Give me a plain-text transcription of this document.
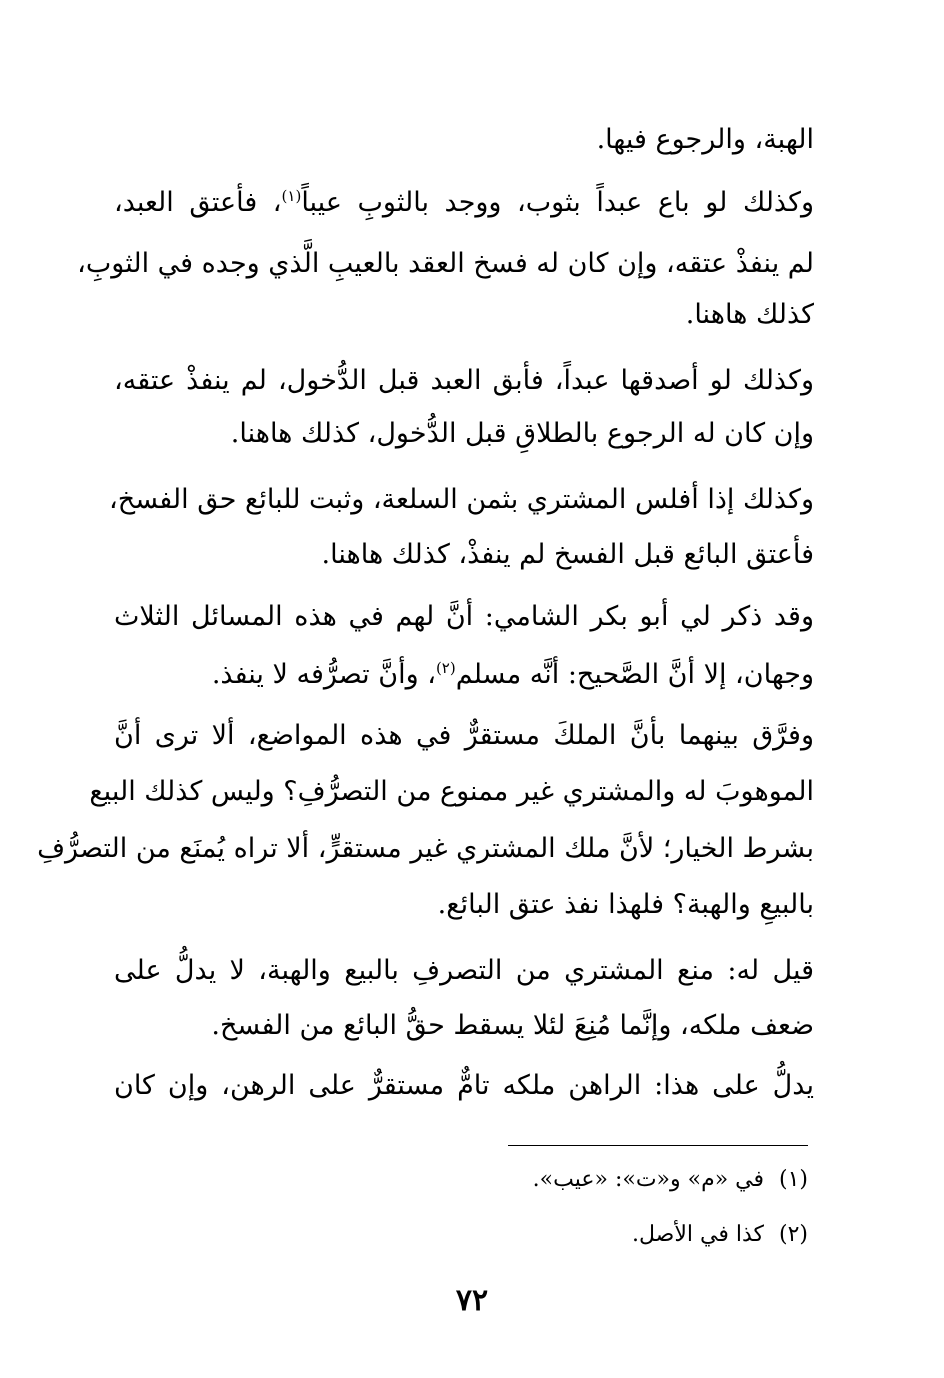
الهبة، والرجوع فيها.
وكذلك لو باع عبداً بثوب، ووجد بالثوبِ عيباً$^{(١)}$، فأعتق العبد،
لم ينفذْ عتقه، وإن كان له فسخ العقد بالعيبِ الَّذي وجده في الثوبِ،
كذلك هاهنا.
وكذلك لو أصدقها عبداً، فأبق العبد قبل الدُّخول، لم ينفذْ عتقه،
وإن كان له الرجوع بالطلاقِ قبل الدُّخول، كذلك هاهنا.
وكذلك إذا أفلس المشتري بثمن السلعة، وثبت للبائع حق الفسخ،
فأعتق البائع قبل الفسخ لم ينفذْ، كذلك هاهنا.
وقد ذكر لي أبو بكر الشامي: أنَّ لهم في هذه المسائل الثلاث
وجهان، إلا أنَّ الصَّحيح: أنَّه مسلم$^{(٢)}$، وأنَّ تصرُّفه لا ينفذ.
وفرَّق بينهما بأنَّ الملكَ مستقرٌّ في هذه المواضع، ألا ترى أنَّ
الموهوبَ له والمشتري غير ممنوع من التصرُّفِ؟ وليس كذلك البيع
بشرط الخيار؛ لأنَّ ملك المشتري غير مستقرٍّ، ألا تراه يُمنَع من التصرُّفِ
بالبيعِ والهبة؟ فلهذا نفذ عتق البائع.
قيل له: منع المشتري من التصرفِ بالبيع والهبة، لا يدلُّ على
ضعف ملكه، وإنَّما مُنِعَ لئلا يسقط حقُّ البائع من الفسخ.
يدلُّ على هذا: الراهن ملكه تامٌّ مستقرٌّ على الرهن، وإن كان
(١)في «م» و«ت»: «عيب».
(٢)كذا في الأصل.
٧٢
